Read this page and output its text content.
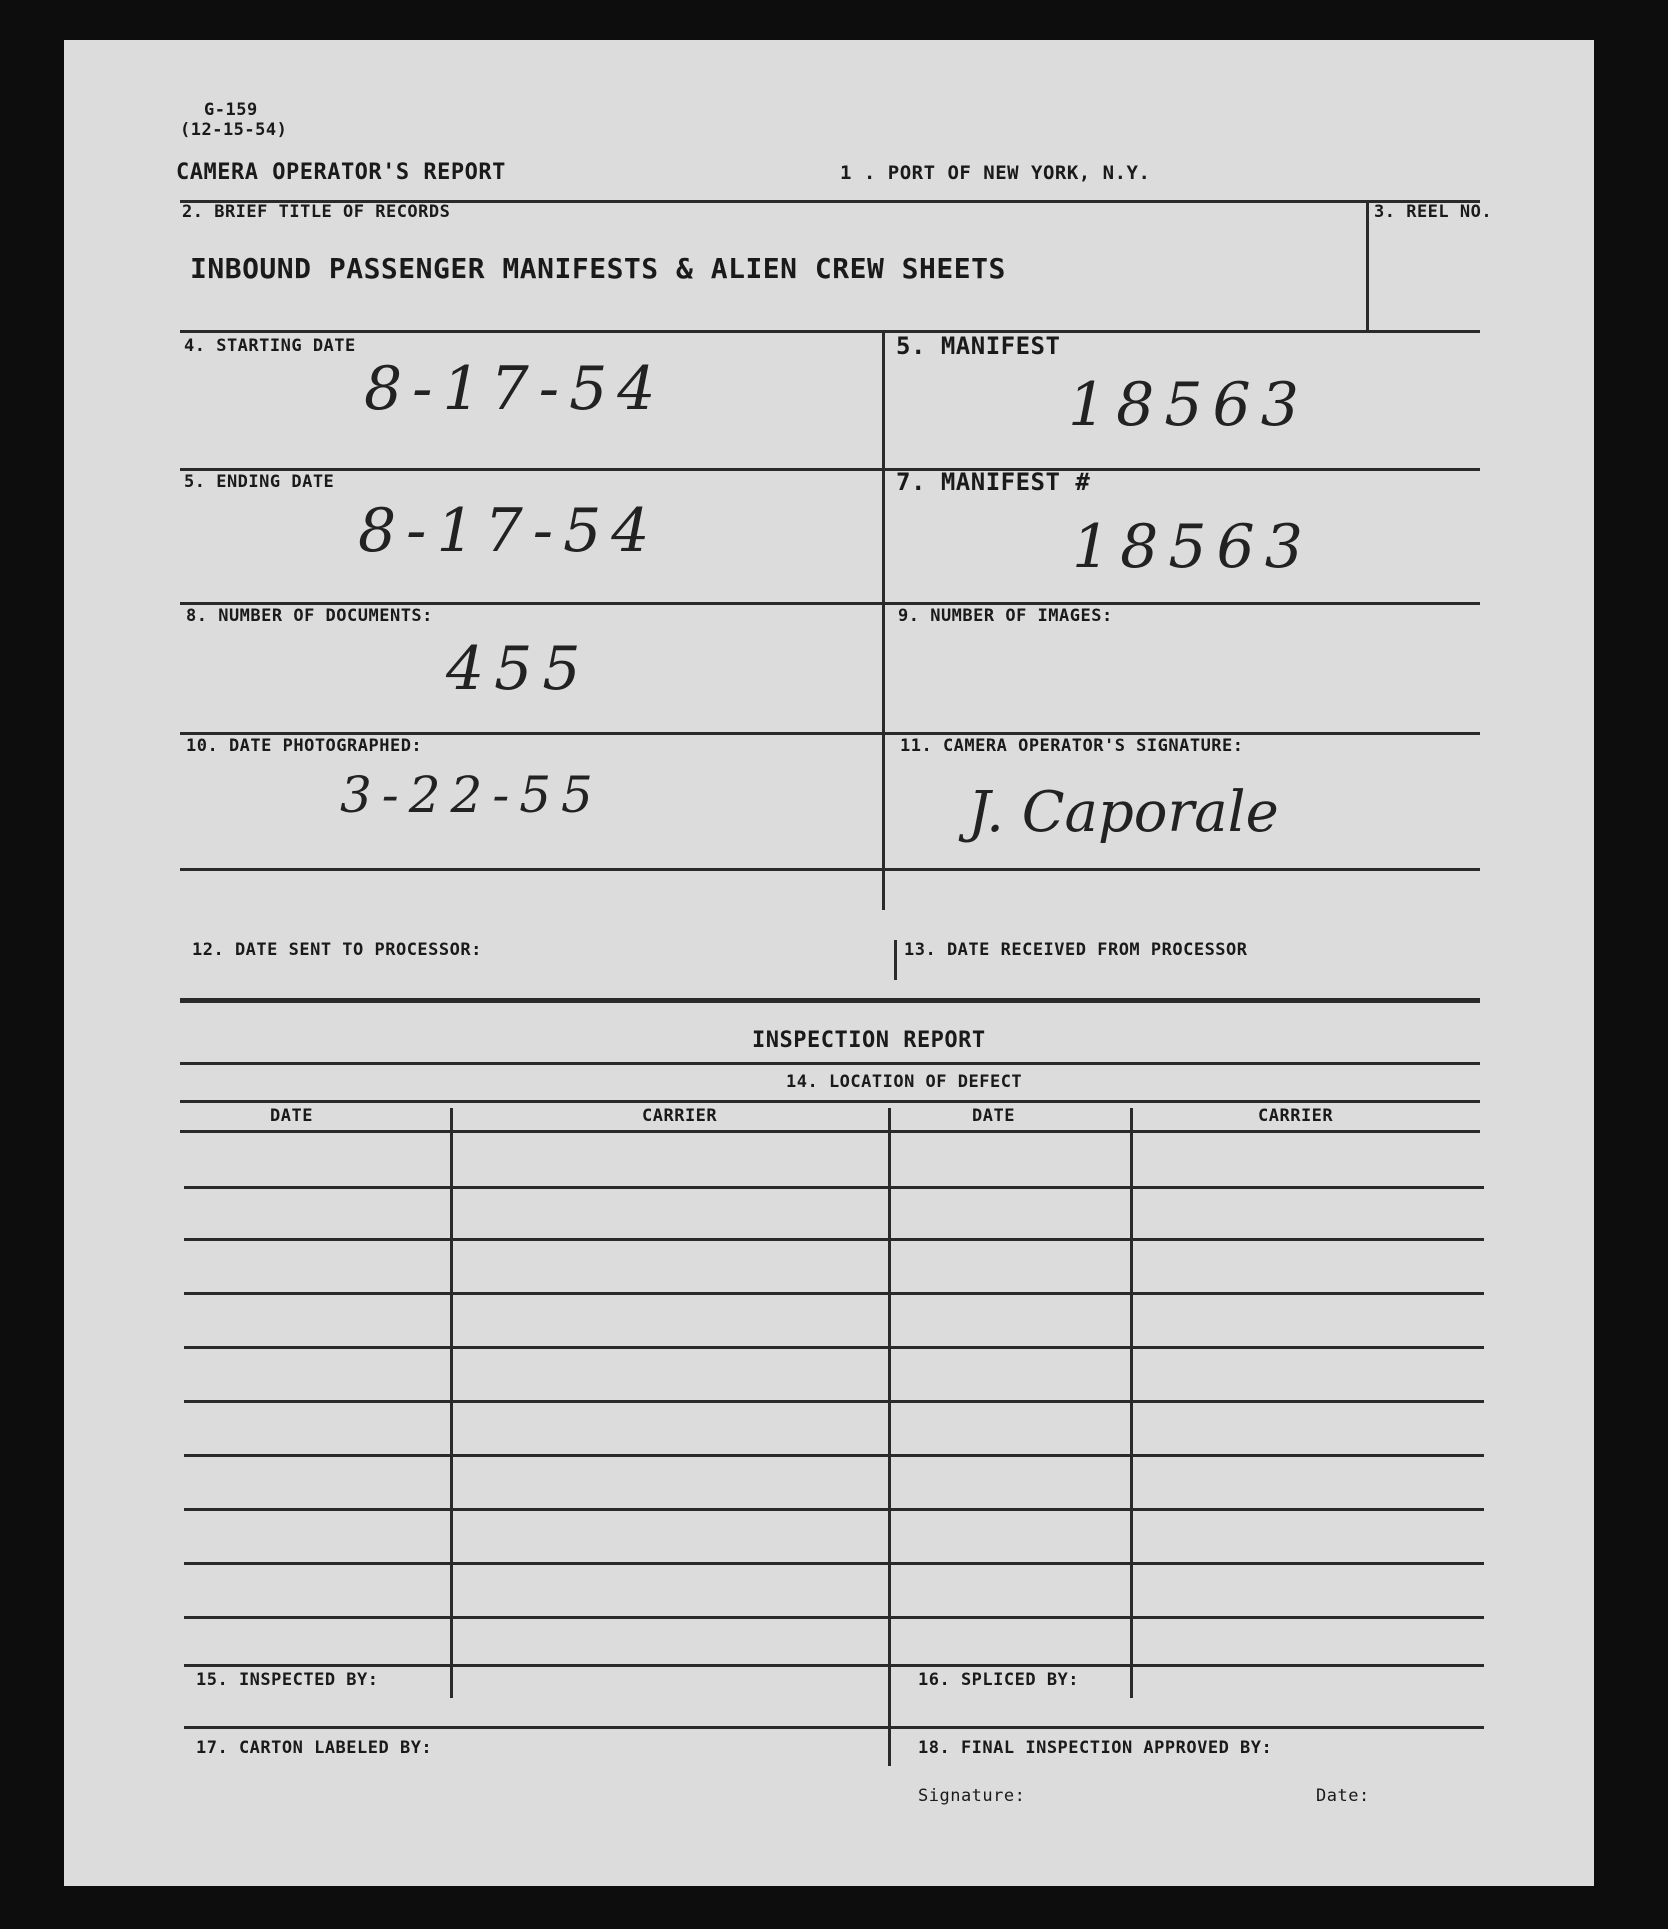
G-159
(12-15-54)
CAMERA OPERATOR'S REPORT	1 . PORT OF NEW YORK, N.Y.
2. BRIEF TITLE OF RECORDS
INBOUND PASSENGER MANIFESTS & ALIEN CREW SHEETS
3. REEL NO.
4. STARTING DATE
8-17-54
5. MANIFEST
18563
5. ENDING DATE
8-17-54
7. MANIFEST #
18563
8. NUMBER OF DOCUMENTS:
455
9. NUMBER OF IMAGES:
10. DATE PHOTOGRAPHED:
3-22-55
11. CAMERA OPERATOR'S SIGNATURE:
J. Caporale
12. DATE SENT TO PROCESSOR:	13. DATE RECEIVED FROM PROCESSOR
INSPECTION REPORT
14. LOCATION OF DEFECT
DATE	CARRIER	DATE	CARRIER
15. INSPECTED BY:	16. SPLICED BY:
17. CARTON LABELED BY:	18. FINAL INSPECTION APPROVED BY:
Signature:	Date:
